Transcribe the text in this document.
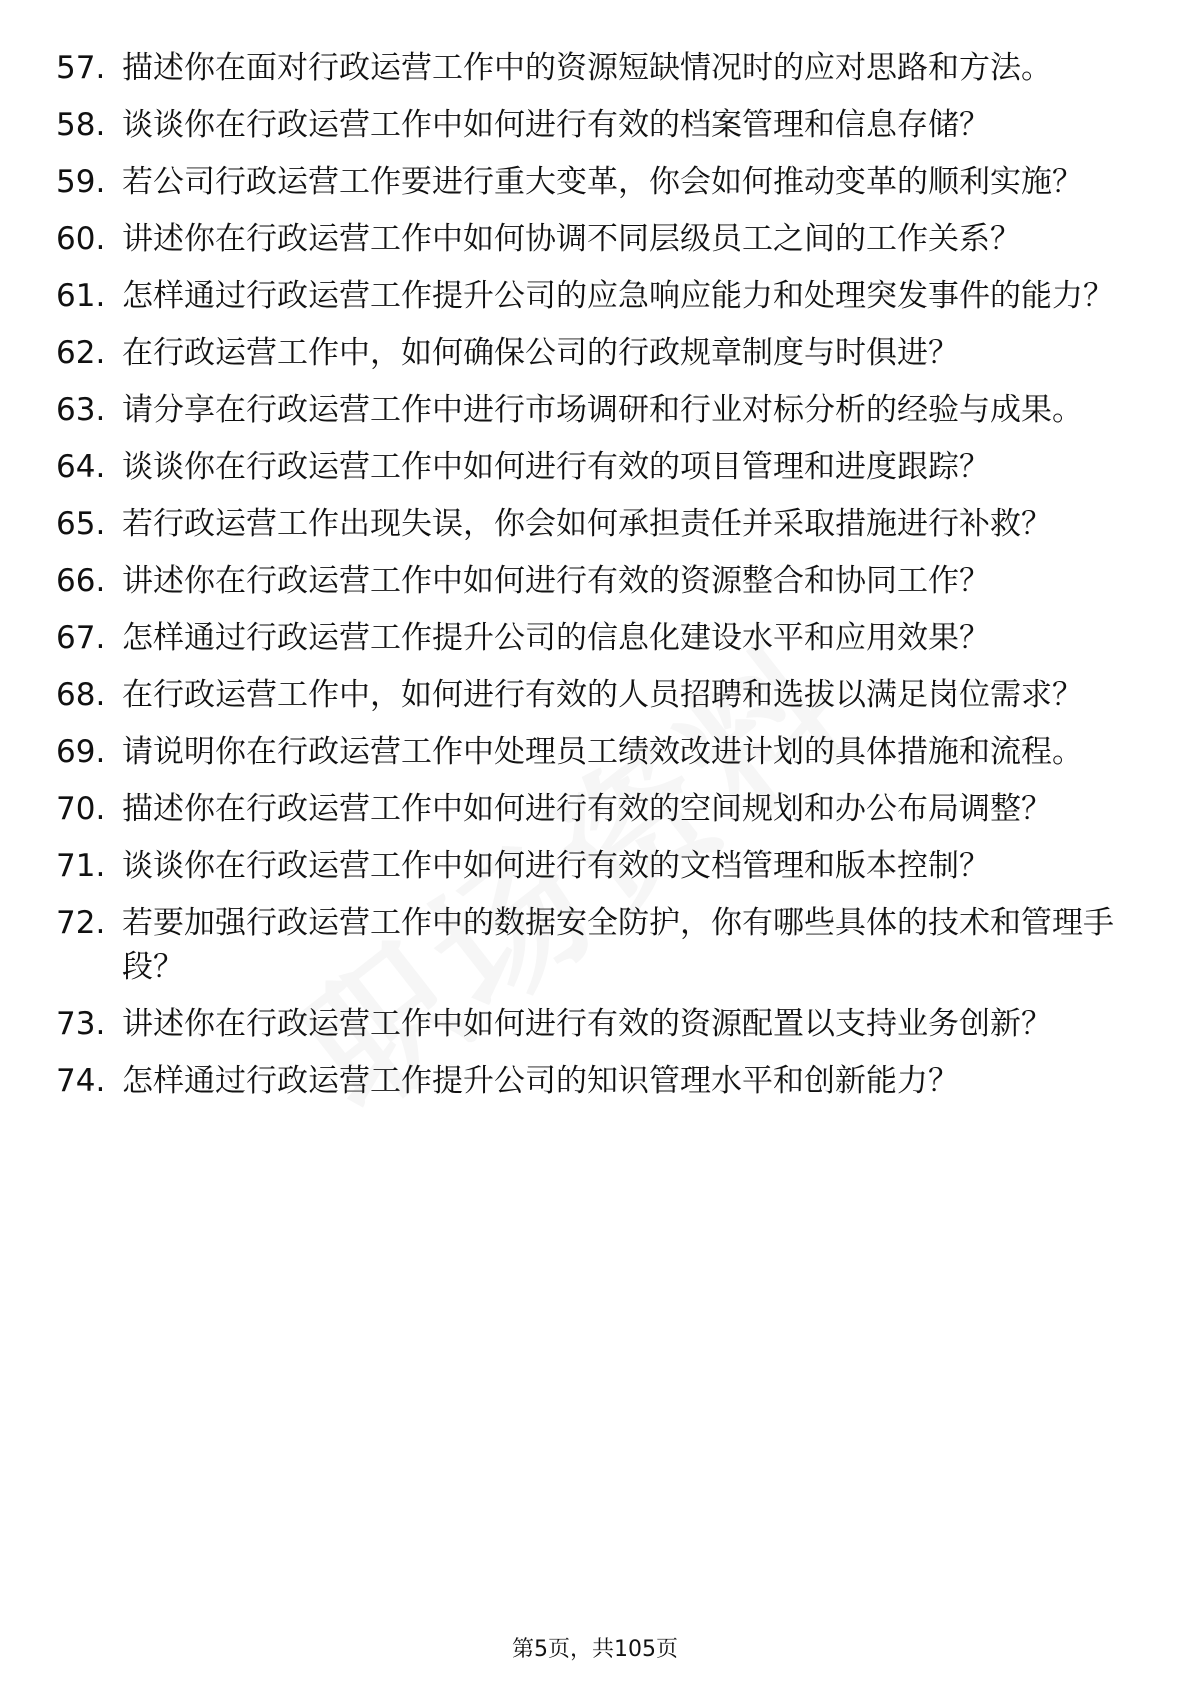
57. 描述你在面对行政运营工作中的资源短缺情况时的应对思路和方法。
58. 谈谈你在行政运营工作中如何进行有效的档案管理和信息存储？
59. 若公司行政运营工作要进行重大变革，你会如何推动变革的顺利实施？
60. 讲述你在行政运营工作中如何协调不同层级员工之间的工作关系？
61. 怎样通过行政运营工作提升公司的应急响应能力和处理突发事件的能力？
62. 在行政运营工作中，如何确保公司的行政规章制度与时俱进？
63. 请分享在行政运营工作中进行市场调研和行业对标分析的经验与成果。
64. 谈谈你在行政运营工作中如何进行有效的项目管理和进度跟踪？
65. 若行政运营工作出现失误，你会如何承担责任并采取措施进行补救？
66. 讲述你在行政运营工作中如何进行有效的资源整合和协同工作？
67. 怎样通过行政运营工作提升公司的信息化建设水平和应用效果？
68. 在行政运营工作中，如何进行有效的人员招聘和选拔以满足岗位需求？
69. 请说明你在行政运营工作中处理员工绩效改进计划的具体措施和流程。
70. 描述你在行政运营工作中如何进行有效的空间规划和办公布局调整？
71. 谈谈你在行政运营工作中如何进行有效的文档管理和版本控制？
72. 若要加强行政运营工作中的数据安全防护，你有哪些具体的技术和管理手段？
73. 讲述你在行政运营工作中如何进行有效的资源配置以支持业务创新？
74. 怎样通过行政运营工作提升公司的知识管理水平和创新能力？
第5页，共105页
